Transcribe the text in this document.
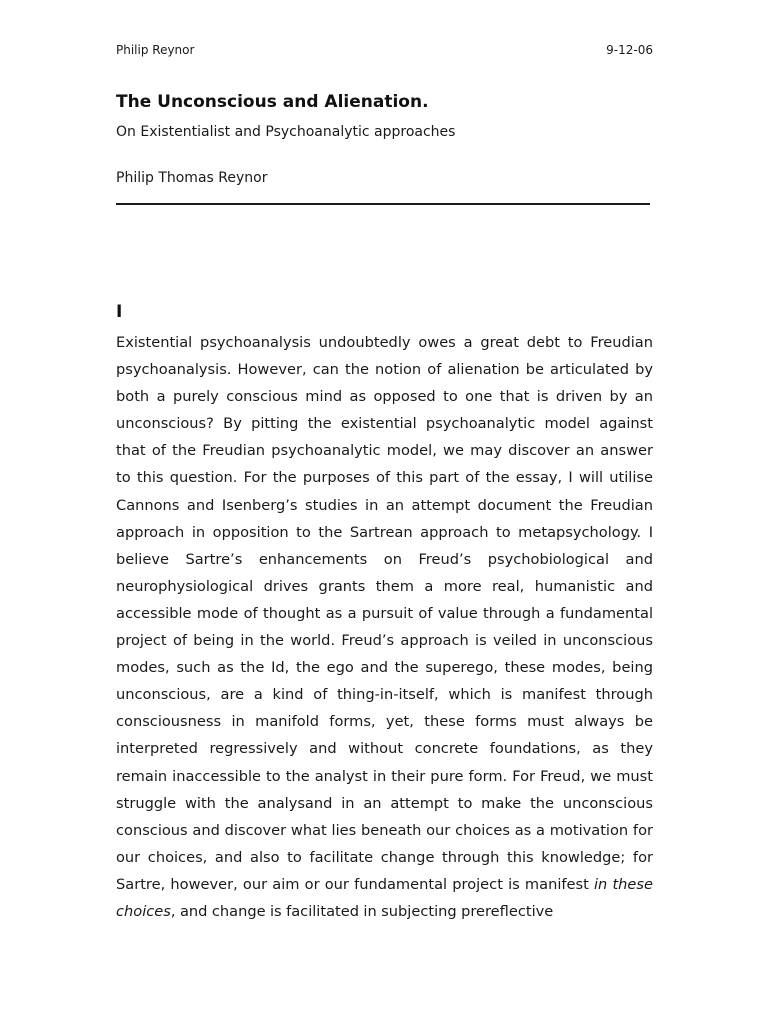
Philip Reynor	9-12-06
The Unconscious and Alienation.
On Existentialist and Psychoanalytic approaches
Philip Thomas Reynor
I

Existential psychoanalysis undoubtedly owes a great debt to Freudian psychoanalysis. However, can the notion of alienation be articulated by both a purely conscious mind as opposed to one that is driven by an unconscious? By pitting the existential psychoanalytic model against that of the Freudian psychoanalytic model, we may discover an answer to this question. For the purposes of this part of the essay, I will utilise Cannons and Isenberg’s studies in an attempt document the Freudian approach in opposition to the Sartrean approach to metapsychology. I believe Sartre’s enhancements on Freud’s psychobiological and neurophysiological drives grants them a more real, humanistic and accessible mode of thought as a pursuit of value through a fundamental project of being in the world. Freud’s approach is veiled in unconscious modes, such as the Id, the ego and the superego, these modes, being unconscious, are a kind of thing-in-itself, which is manifest through consciousness in manifold forms, yet, these forms must always be interpreted regressively and without concrete foundations, as they remain inaccessible to the analyst in their pure form. For Freud, we must struggle with the analysand in an attempt to make the unconscious conscious and discover what lies beneath our choices as a motivation for our choices, and also to facilitate change through this knowledge; for Sartre, however, our aim or our fundamental project is manifest in these choices, and change is facilitated in subjecting prereflective
